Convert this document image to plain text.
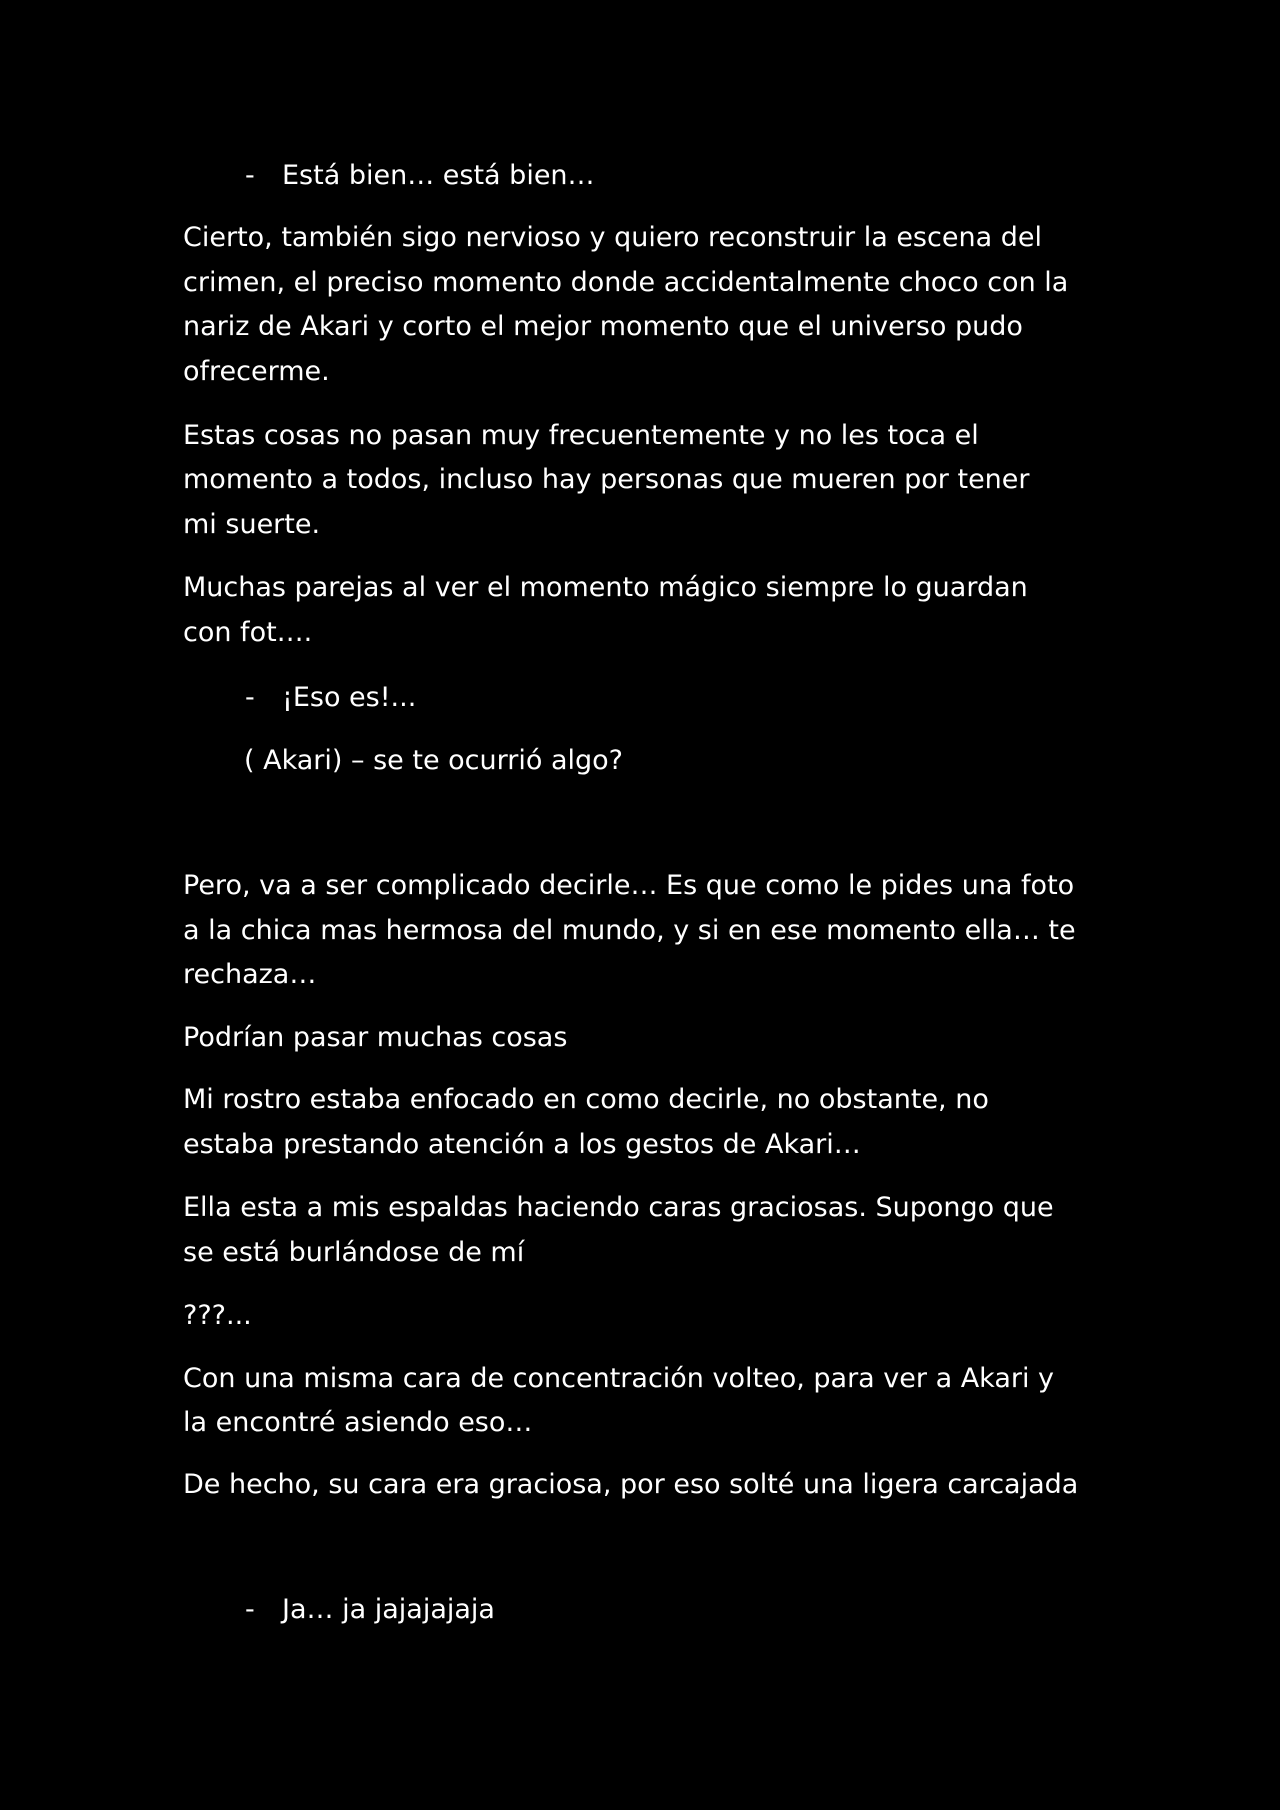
- Está bien… está bien…
Cierto, también sigo nervioso y quiero reconstruir la escena del
crimen, el preciso momento donde accidentalmente choco con la
nariz de Akari y corto el mejor momento que el universo pudo
ofrecerme.
Estas cosas no pasan muy frecuentemente y no les toca el
momento a todos, incluso hay personas que mueren por tener
mi suerte.
Muchas parejas al ver el momento mágico siempre lo guardan
con fot….
- ¡Eso es!...
( Akari) – se te ocurrió algo?
Pero, va a ser complicado decirle… Es que como le pides una foto
a la chica mas hermosa del mundo, y si en ese momento ella… te
rechaza…
Podrían pasar muchas cosas
Mi rostro estaba enfocado en como decirle, no obstante, no
estaba prestando atención a los gestos de Akari…
Ella esta a mis espaldas haciendo caras graciosas. Supongo que
se está burlándose de mí
???...
Con una misma cara de concentración volteo, para ver a Akari y
la encontré asiendo eso…
De hecho, su cara era graciosa, por eso solté una ligera carcajada
- Ja… ja jajajajaja
